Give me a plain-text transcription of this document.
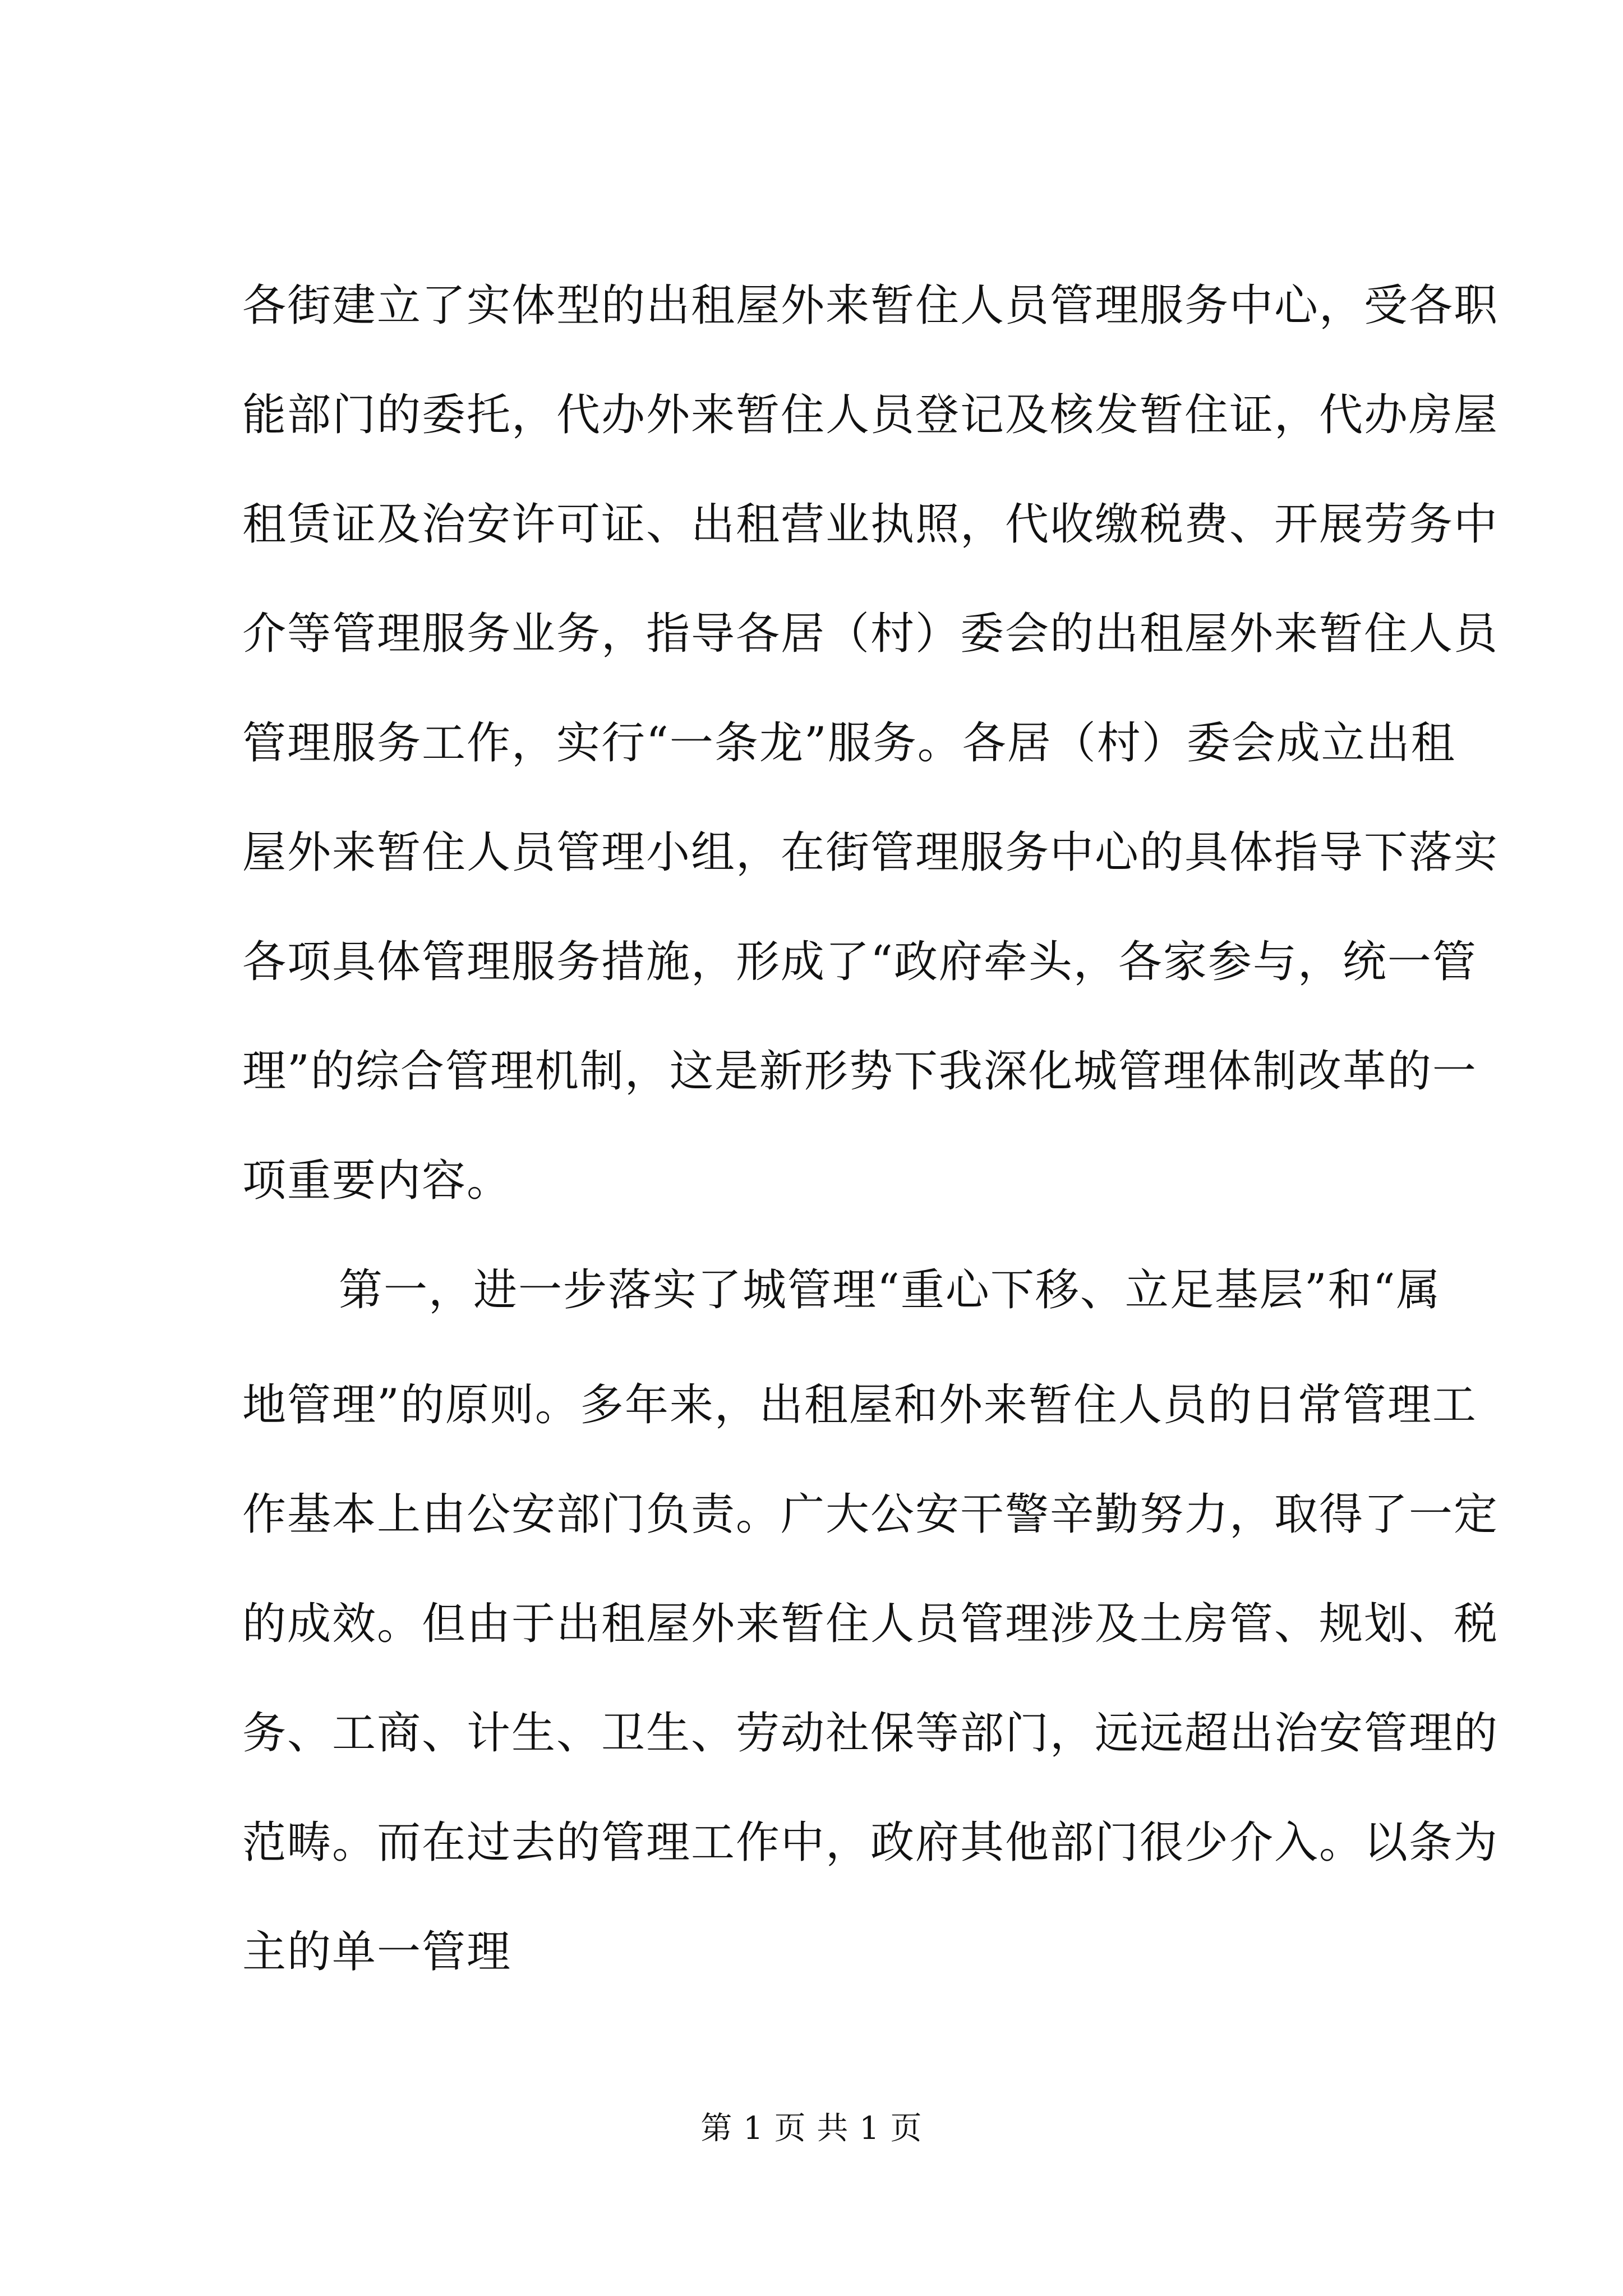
各街建立了实体型的出租屋外来暂住人员管理服务中心，受各职
能部门的委托，代办外来暂住人员登记及核发暂住证，代办房屋
租赁证及治安许可证、出租营业执照，代收缴税费、开展劳务中
介等管理服务业务，指导各居（村）委会的出租屋外来暂住人员
管理服务工作，实行“一条龙”服务。各居（村）委会成立出租
屋外来暂住人员管理小组，在街管理服务中心的具体指导下落实
各项具体管理服务措施，形成了“政府牵头，各家参与，统一管
理”的综合管理机制，这是新形势下我深化城管理体制改革的一
项重要内容。
第一，进一步落实了城管理“重心下移、立足基层”和“属
地管理”的原则。多年来，出租屋和外来暂住人员的日常管理工
作基本上由公安部门负责。广大公安干警辛勤努力，取得了一定
的成效。但由于出租屋外来暂住人员管理涉及土房管、规划、税
务、工商、计生、卫生、劳动社保等部门，远远超出治安管理的
范畴。而在过去的管理工作中，政府其他部门很少介入。以条为
主的单一管理
第 1 页 共 1 页
